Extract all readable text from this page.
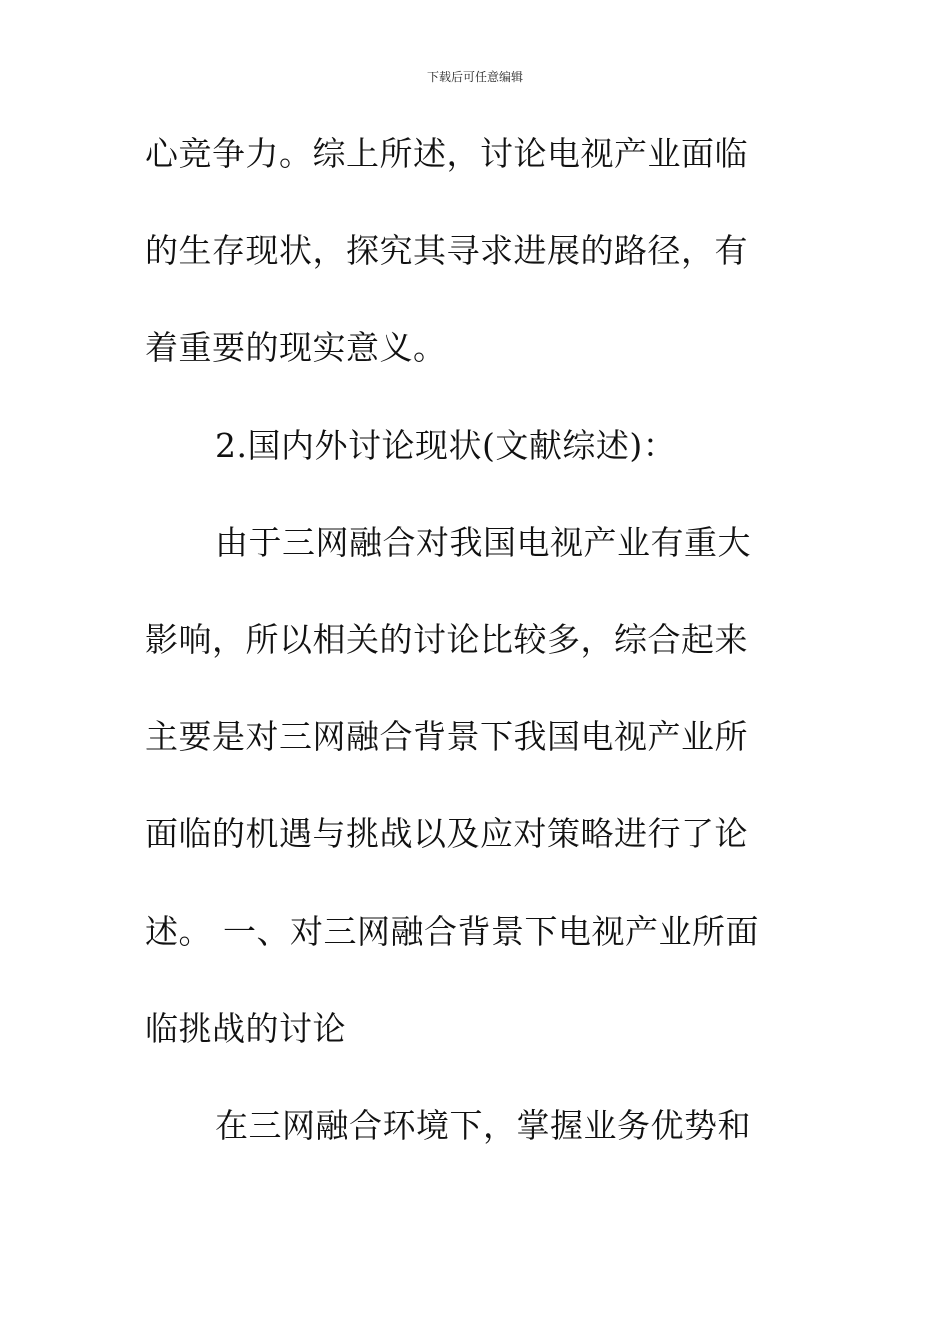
下载后可任意编辑
心竞争力。综上所述，讨论电视产业面临
的生存现状，探究其寻求进展的路径，有
着重要的现实意义。
2.国内外讨论现状(文献综述)：
由于三网融合对我国电视产业有重大
影响，所以相关的讨论比较多，综合起来
主要是对三网融合背景下我国电视产业所
面临的机遇与挑战以及应对策略进行了论
述。 一、对三网融合背景下电视产业所面
临挑战的讨论
在三网融合环境下，掌握业务优势和
